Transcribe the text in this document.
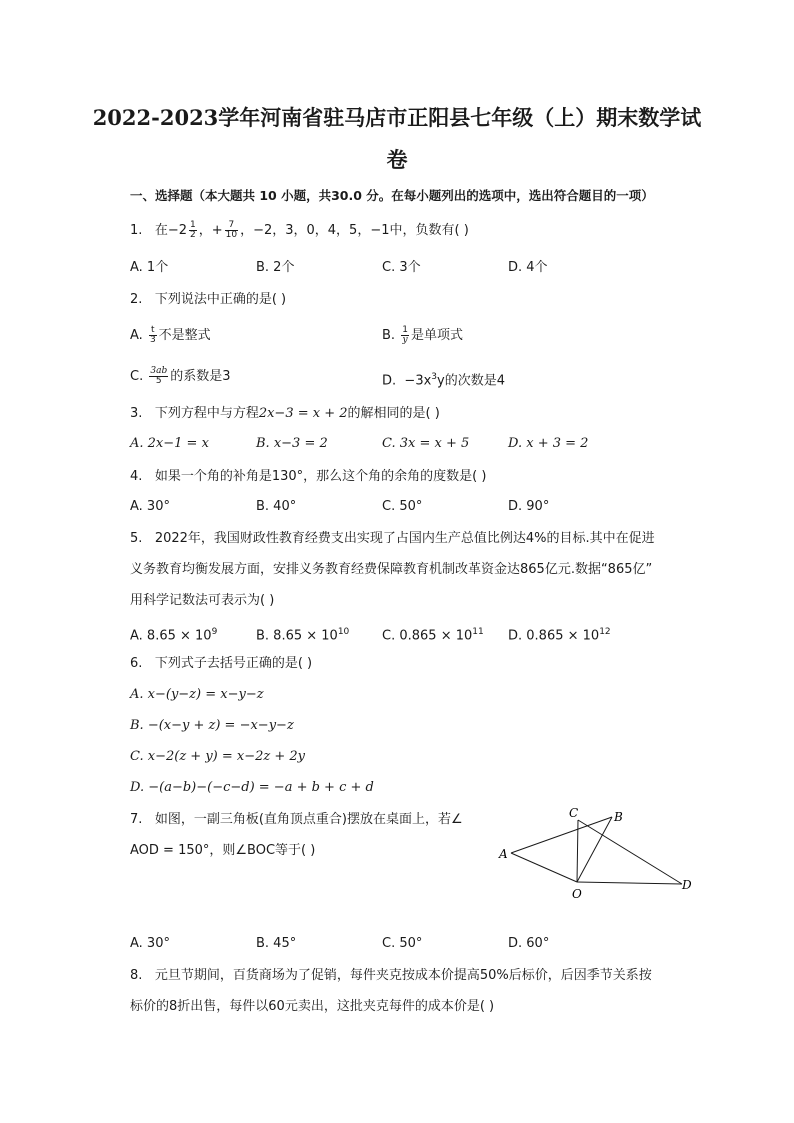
2022-2023学年河南省驻马店市正阳县七年级（上）期末数学试
卷
一、选择题（本大题共 10 小题，共30.0 分。在每小题列出的选项中，选出符合题目的一项）
1. 在$-2 \frac{1}{2}$ ，+ $\frac{7}{10}$ ，−2，3，0，4，5，−1中，负数有( )
A. 1个	B. 2个	C. 3个	D. 4个
2. 下列说法中正确的是( )
A. $\frac{t}{3}$ 不是整式	B. $\frac{1}{y}$ 是单项式
C. $\frac{3ab}{5}$ 的系数是3	D. $-3x^3y$的次数是4
3. 下列方程中与方程2x−3 = x + 2的解相同的是( )
A. 2x−1 = x	B. x−3 = 2	C. 3x = x + 5	D. x + 3 = 2
4. 如果一个角的补角是130°，那么这个角的余角的度数是( )
A. 30°	B. 40°	C. 50°	D. 90°
5. 2022年，我国财政性教育经费支出实现了占国内生产总值比例达4%的目标.其中在促进
义务教育均衡发展方面，安排义务教育经费保障教育机制改革资金达865亿元.数据“865亿”
用科学记数法可表示为( )
A. $8.65 \times 10^9$	B. $8.65 \times 10^{10}$	C. $0.865 \times 10^{11}$ D. $0.865 \times 10^{12}$
6. 下列式子去括号正确的是( )
A. x−(y−z) = x−y−z
B. −(x−y + z) = −x−y−z
C. x−2(z + y) = x−2z + 2y
D. −(a−b)−(−c−d) = −a + b + c + d
7. 如图，一副三角板(直角顶点重合)摆放在桌面上，若∠
AOD = 150°，则∠BOC等于( )	A
C	B
O
D
A. 30°	B. 45°	C. 50°	D. 60°
8. 元旦节期间，百货商场为了促销，每件夹克按成本价提高50%后标价，后因季节关系按
标价的8折出售，每件以60元卖出，这批夹克每件的成本价是( )
